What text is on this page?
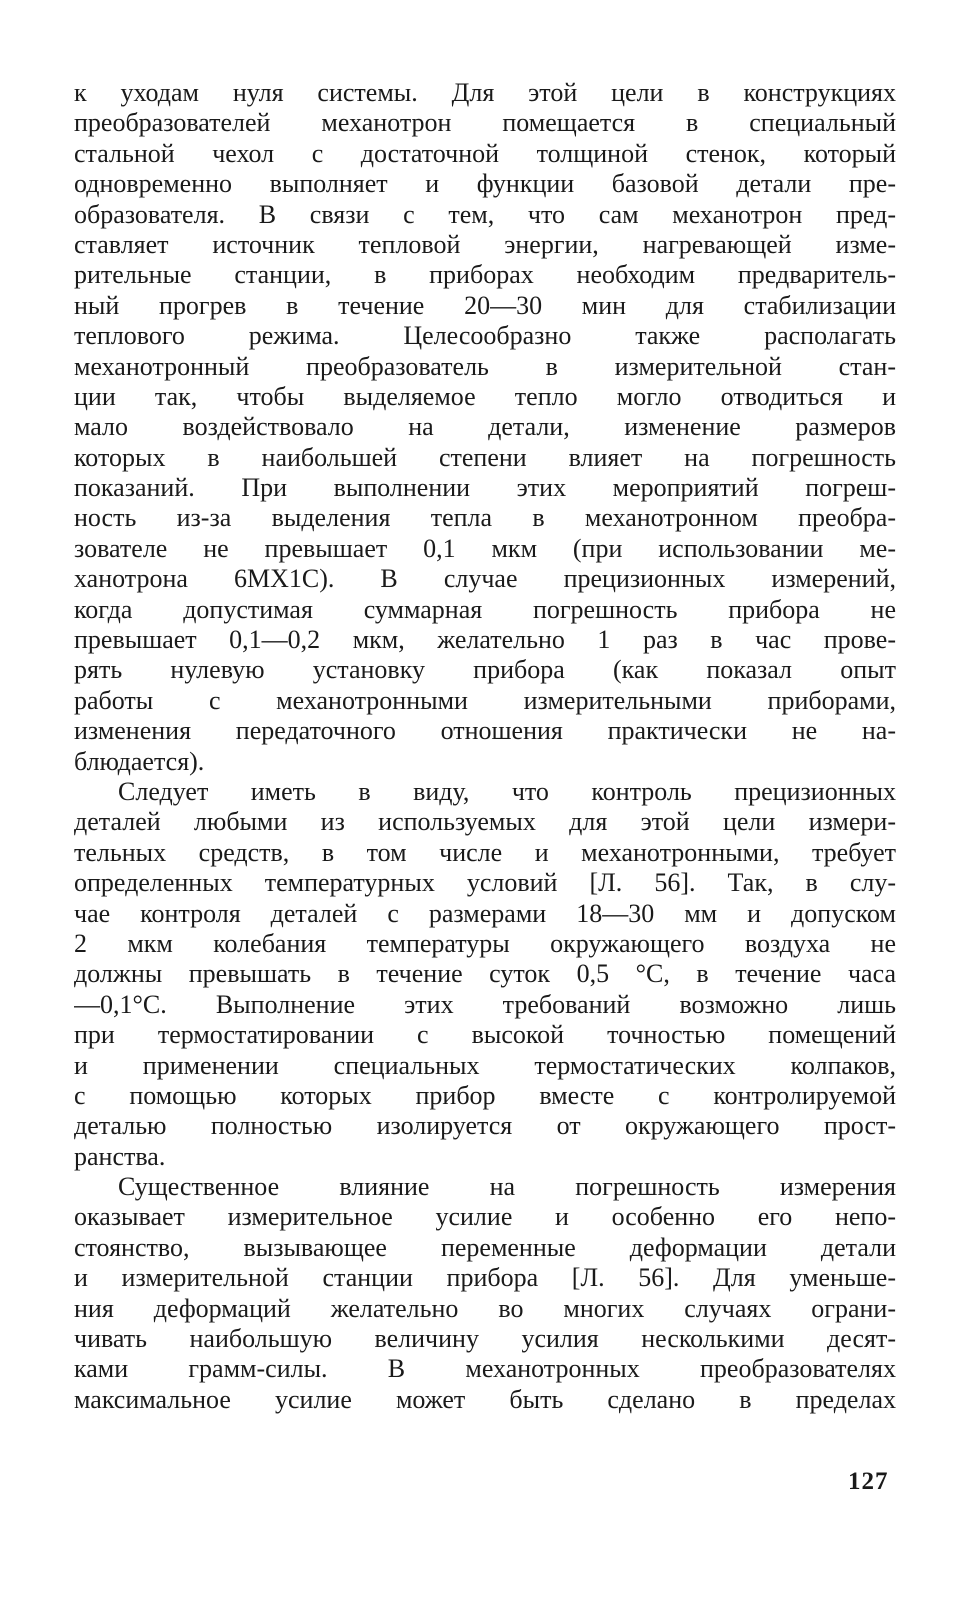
к уходам нуля системы. Для этой цели в конструкциях
преобразователей механотрон помещается в специальный
стальной чехол с достаточной толщиной стенок, который
одновременно выполняет и функции базовой детали пре-
образователя. В связи с тем, что сам механотрон пред-
ставляет источник тепловой энергии, нагревающей изме-
рительные станции, в приборах необходим предваритель-
ный прогрев в течение 20—30 мин для стабилизации
теплового режима. Целесообразно также располагать
механотронный преобразователь в измерительной стан-
ции так, чтобы выделяемое тепло могло отводиться и
мало воздействовало на детали, изменение размеров
которых в наибольшей степени влияет на погрешность
показаний. При выполнении этих мероприятий погреш-
ность из-за выделения тепла в механотронном преобра-
зователе не превышает 0,1 мкм (при использовании ме-
ханотрона 6МХ1С). В случае прецизионных измерений,
когда допустимая суммарная погрешность прибора не
превышает 0,1—0,2 мкм, желательно 1 раз в час прове-
рять нулевую установку прибора (как показал опыт
работы с механотронными измерительными приборами,
изменения передаточного отношения практически не на-
блюдается).
Следует иметь в виду, что контроль прецизионных
деталей любыми из используемых для этой цели измери-
тельных средств, в том числе и механотронными, требует
определенных температурных условий [Л. 56]. Так, в слу-
чае контроля деталей с размерами 18—30 мм и допуском
2 мкм колебания температуры окружающего воздуха не
должны превышать в течение суток 0,5 °С, в течение часа
—0,1°С. Выполнение этих требований возможно лишь
при термостатировании с высокой точностью помещений
и применении специальных термостатических колпаков,
с помощью которых прибор вместе с контролируемой
деталью полностью изолируется от окружающего прост-
ранства.
Существенное влияние на погрешность измерения
оказывает измерительное усилие и особенно его непо-
стоянство, вызывающее переменные деформации детали
и измерительной станции прибора [Л. 56]. Для уменьше-
ния деформаций желательно во многих случаях ограни-
чивать наибольшую величину усилия несколькими десят-
ками грамм-силы. В механотронных преобразователях
максимальное усилие может быть сделано в пределах
127
